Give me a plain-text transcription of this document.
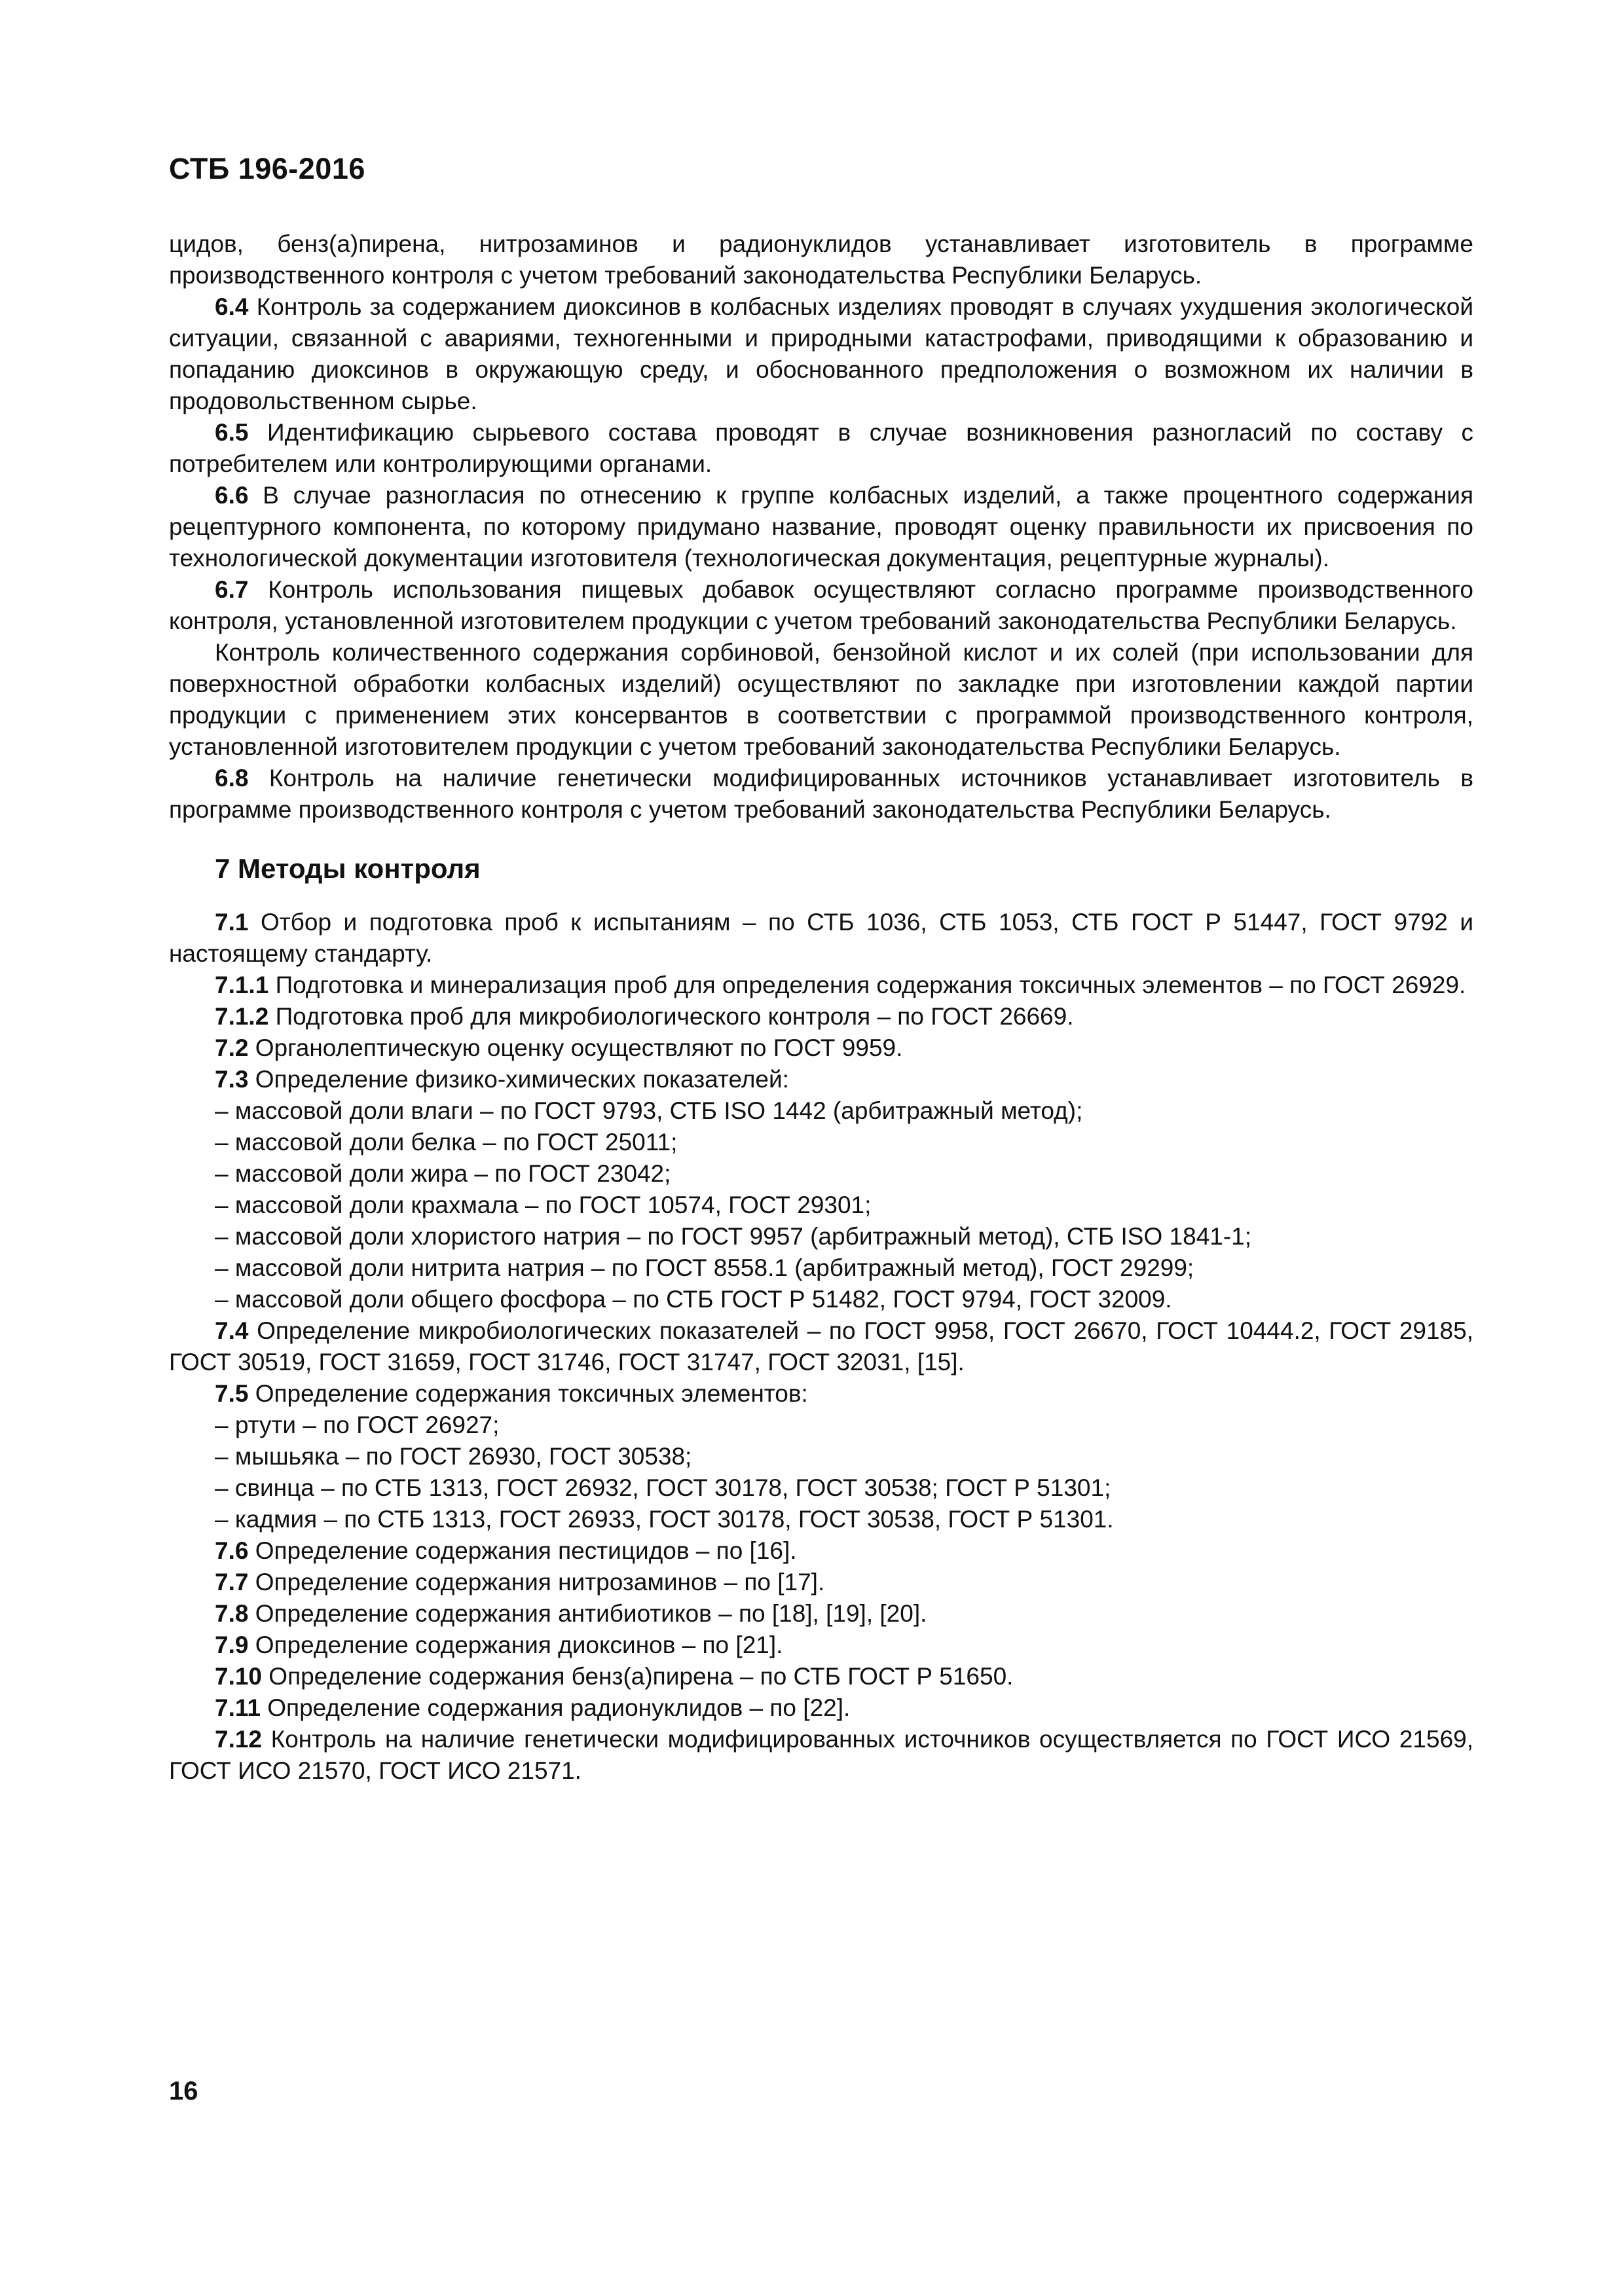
СТБ 196-2016

цидов, бенз(а)пирена, нитрозаминов и радионуклидов устанавливает изготовитель в программе производственного контроля с учетом требований законодательства Республики Беларусь.

6.4 Контроль за содержанием диоксинов в колбасных изделиях проводят в случаях ухудшения экологической ситуации, связанной с авариями, техногенными и природными катастрофами, приводящими к образованию и попаданию диоксинов в окружающую среду, и обоснованного предположения о возможном их наличии в продовольственном сырье.

6.5 Идентификацию сырьевого состава проводят в случае возникновения разногласий по составу с потребителем или контролирующими органами.

6.6 В случае разногласия по отнесению к группе колбасных изделий, а также процентного содержания рецептурного компонента, по которому придумано название, проводят оценку правильности их присвоения по технологической документации изготовителя (технологическая документация, рецептурные журналы).

6.7 Контроль использования пищевых добавок осуществляют согласно программе производственного контроля, установленной изготовителем продукции с учетом требований законодательства Республики Беларусь.

Контроль количественного содержания сорбиновой, бензойной кислот и их солей (при использовании для поверхностной обработки колбасных изделий) осуществляют по закладке при изготовлении каждой партии продукции с применением этих консервантов в соответствии с программой производственного контроля, установленной изготовителем продукции с учетом требований законодательства Республики Беларусь.

6.8 Контроль на наличие генетически модифицированных источников устанавливает изготовитель в программе производственного контроля с учетом требований законодательства Республики Беларусь.

7 Методы контроля

7.1 Отбор и подготовка проб к испытаниям – по СТБ 1036, СТБ 1053, СТБ ГОСТ Р 51447, ГОСТ 9792 и настоящему стандарту.

7.1.1 Подготовка и минерализация проб для определения содержания токсичных элементов – по ГОСТ 26929.

7.1.2 Подготовка проб для микробиологического контроля – по ГОСТ 26669.

7.2 Органолептическую оценку осуществляют по ГОСТ 9959.

7.3 Определение физико-химических показателей:

– массовой доли влаги – по ГОСТ 9793, СТБ ISO 1442 (арбитражный метод);

– массовой доли белка – по ГОСТ 25011;

– массовой доли жира – по ГОСТ 23042;

– массовой доли крахмала – по ГОСТ 10574, ГОСТ 29301;

– массовой доли хлористого натрия – по ГОСТ 9957 (арбитражный метод), СТБ ISO 1841-1;

– массовой доли нитрита натрия – по ГОСТ 8558.1 (арбитражный метод), ГОСТ 29299;

– массовой доли общего фосфора – по СТБ ГОСТ Р 51482, ГОСТ 9794, ГОСТ 32009.

7.4 Определение микробиологических показателей – по ГОСТ 9958, ГОСТ 26670, ГОСТ 10444.2, ГОСТ 29185, ГОСТ 30519, ГОСТ 31659, ГОСТ 31746, ГОСТ 31747, ГОСТ 32031, [15].

7.5 Определение содержания токсичных элементов:

– ртути – по ГОСТ 26927;

– мышьяка – по ГОСТ 26930, ГОСТ 30538;

– свинца – по СТБ 1313, ГОСТ 26932, ГОСТ 30178, ГОСТ 30538; ГОСТ Р 51301;

– кадмия – по СТБ 1313, ГОСТ 26933, ГОСТ 30178, ГОСТ 30538, ГОСТ Р 51301.

7.6 Определение содержания пестицидов – по [16].

7.7 Определение содержания нитрозаминов – по [17].

7.8 Определение содержания антибиотиков – по [18], [19], [20].

7.9 Определение содержания диоксинов – по [21].

7.10 Определение содержания бенз(а)пирена – по СТБ ГОСТ Р 51650.

7.11 Определение содержания радионуклидов – по [22].

7.12 Контроль на наличие генетически модифицированных источников осуществляется по ГОСТ ИСО 21569, ГОСТ ИСО 21570, ГОСТ ИСО 21571.

16
